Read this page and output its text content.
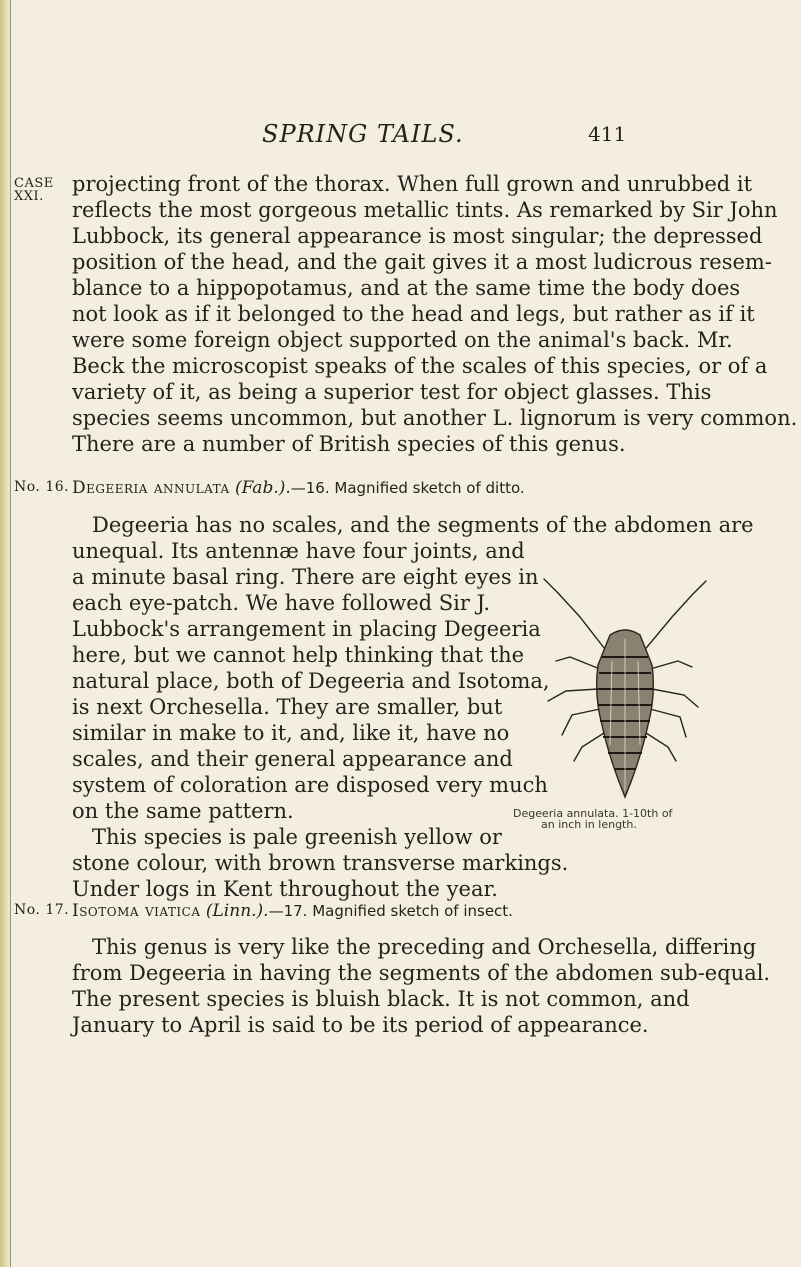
SPRING TAILS.	411
CASE
XXI.
projecting front of the thorax. When full grown and unrubbed it
reflects the most gorgeous metallic tints. As remarked by Sir John
Lubbock, its general appearance is most singular; the depressed
position of the head, and the gait gives it a most ludicrous resem-
blance to a hippopotamus, and at the same time the body does
not look as if it belonged to the head and legs, but rather as if it
were some foreign object supported on the animal's back. Mr.
Beck the microscopist speaks of the scales of this species, or of a
variety of it, as being a superior test for object glasses. This
species seems uncommon, but another L. lignorum is very common.
There are a number of British species of this genus.
No. 16. Degeeria annulata (Fab.).—16. Magnified sketch of ditto.
Degeeria has no scales, and the segments of the abdomen are
unequal. Its antennæ have four joints, and
a minute basal ring. There are eight eyes in
each eye-patch. We have followed Sir J.
Lubbock's arrangement in placing Degeeria
here, but we cannot help thinking that the
natural place, both of Degeeria and Isotoma,
is next Orchesella. They are smaller, but
similar in make to it, and, like it, have no
scales, and their general appearance and
system of coloration are disposed very much
on the same pattern.
This species is pale greenish yellow or
stone colour, with brown transverse markings.
Under logs in Kent throughout the year.
Degeeria annulata. 1-10th of
an inch in length.
No. 17. Isotoma viatica (Linn.).—17. Magnified sketch of insect.
This genus is very like the preceding and Orchesella, differing
from Degeeria in having the segments of the abdomen sub-equal.
The present species is bluish black. It is not common, and
January to April is said to be its period of appearance.
